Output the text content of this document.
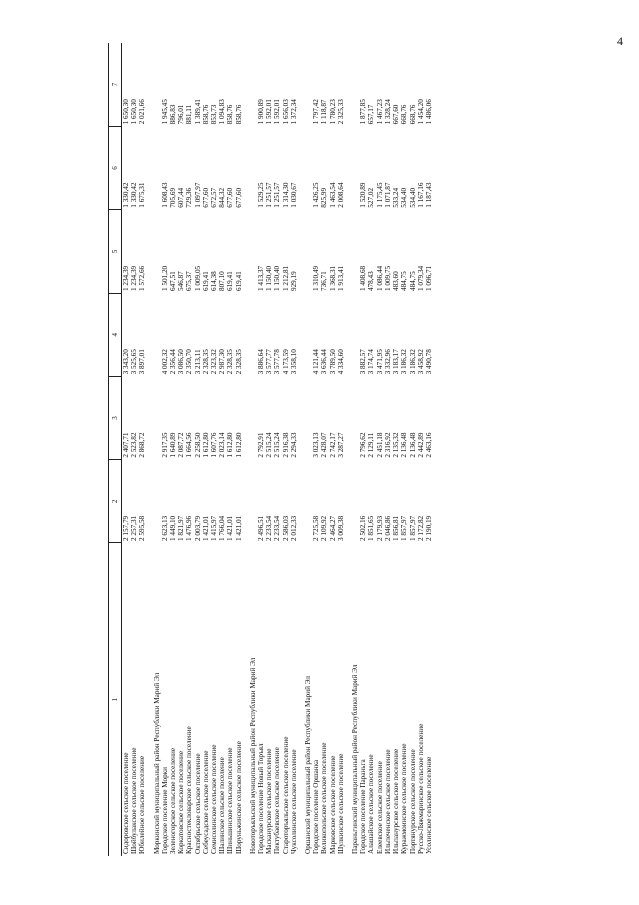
4
1	2	3	4	5	6	7
Сидоровское сельское поселение	2 157,79	2 407,71	3 343,20	1 234,39	1 330,42	1 650,30
Шойбулакское сельское поселение	2 257,31	2 523,82	3 525,65	1 234,39	1 330,42	1 650,30
Юбилейное сельское поселение	2 595,58	2 868,72	3 897,01	1 572,66	1 675,31	2 021,66

Моркинский муниципальный район Республики Марий Эл						
Городское поселение Морки	2 623,13	2 917,35	4 002,32	1 501,20	1 608,43	1 945,45
Зеленогорское сельское поселение	1 449,10	1 640,89	2 356,44	647,51	705,69	886,83
Коркатовское сельское поселение	1 821,97	2 087,72	3 086,50	546,87	607,44	796,01
Красностекловарское сельское поселение	1 476,96	1 664,56	2 350,70	675,37	729,36	881,11
Октябрьское сельское поселение	2 003,79	2 258,50	3 213,11	1 009,05	1 097,97	1 389,41
Себеусадское сельское поселение	1 421,01	1 612,80	2 328,35	619,41	677,60	858,76
Семисолинское сельское поселение	1 415,97	1 607,76	2 323,32	614,38	672,57	853,73
Шалинское сельское поселение	1 766,04	2 023,14	2 987,30	807,10	844,32	1 094,83
Шиньшинское сельское поселение	1 421,01	1 612,80	2 328,35	619,41	677,60	858,76
Шоруньжинское сельское поселение	1 421,01	1 612,80	2 328,35	619,41	677,60	858,76

Новоторъяльский муниципальный район Республики Марий Эл						
Городское поселение Новый Торъял	2 496,51	2 792,91	3 886,64	1 413,37	1 529,25	1 900,89
Масканурское сельское поселение	2 233,54	2 515,24	3 577,77	1 150,40	1 251,57	1 592,01
Пектубаевское сельское поселение	2 233,54	2 515,24	3 577,78	1 150,40	1 251,57	1 592,01
Староторъяльское сельское поселение	2 586,03	2 916,38	4 173,59	1 212,81	1 314,30	1 656,03
Чуксолинское сельское поселение	2 012,33	2 294,33	3 358,10	929,19	1 030,67	1 372,34

Оршанский муниципальный район Республики Марий Эл						
Городское поселение Оршанка	2 725,58	3 023,13	4 121,44	1 310,49	1 426,25	1 797,42
Великопольское сельское поселение	2 109,92	2 428,07	3 636,44	736,71	825,99	1 118,87
Марковское сельское поселение	2 464,27	2 742,17	3 789,50	1 368,31	1 463,54	1 780,23
Шулкинское сельское поселение	3 009,38	3 287,27	4 334,60	1 913,41	2 008,64	2 325,33

Параньгинский муниципальный район Республики Марий Эл						
Городское поселение Параньга	2 502,16	2 796,62	3 882,57	1 408,68	1 520,89	1 877,85
Алашайское сельское поселение	1 851,65	2 129,11	3 174,74	478,43	527,02	657,17
Елеевское сельское поселение	2 179,93	2 451,18	3 471,95	1 086,44	1 175,45	1 467,23
Ильпеченское сельское поселение	2 046,86	2 316,92	3 332,96	1 009,75	1 071,87	1 328,24
Ильпанурское сельское поселение	1 856,81	2 135,32	3 183,17	483,60	533,24	667,60
Куражмоинское сельское поселение	1 857,97	2 136,48	3 186,32	484,75	534,40	668,76
Портянурское сельское поселение	1 857,97	2 136,48	3 186,32	484,75	534,40	668,76
Русско-Ляжмаринское сельское поселение	2 172,82	2 442,89	3 458,92	1 079,34	1 167,16	1 454,20
Усолинское сельское поселение	2 190,19	2 463,16	3 490,78	1 096,71	1 187,43	1 486,06
